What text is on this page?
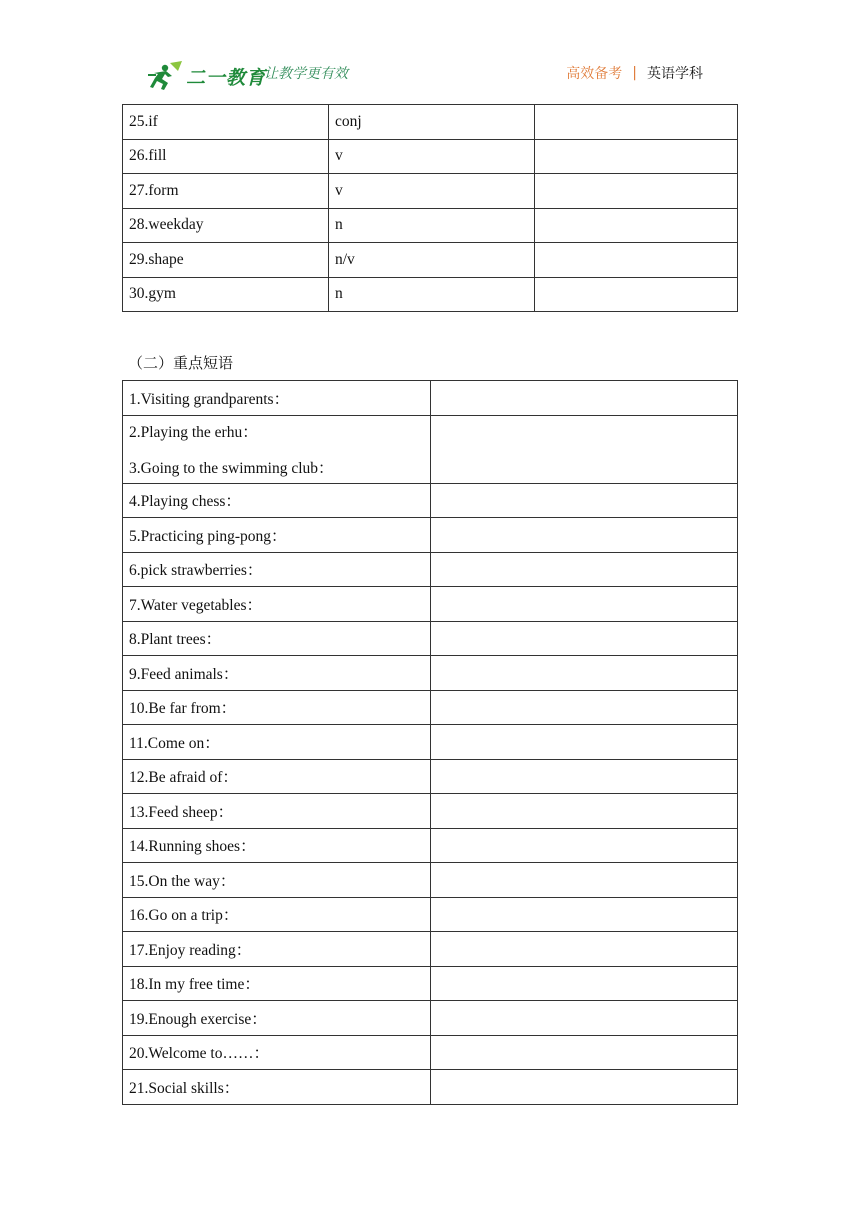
二一教育
让教学更有效	高效备考 | 英语学科
25.if	conj	
26.fill	v	
27.form	v	
28.weekday	n	
29.shape	n/v	
30.gym	n	
（二）重点短语
1.Visiting grandparents：	
2.Playing the erhu：
3.Going to the swimming club：	

4.Playing chess：	
5.Practicing ping-pong：	
6.pick strawberries：	
7.Water vegetables：	
8.Plant trees：	
9.Feed animals：	
10.Be far from：	
11.Come on：	
12.Be afraid of：	
13.Feed sheep：	
14.Running shoes：	
15.On the way：	
16.Go on a trip：	
17.Enjoy reading：	
18.In my free time：	
19.Enough exercise：	
20.Welcome to……：	
21.Social skills：	
